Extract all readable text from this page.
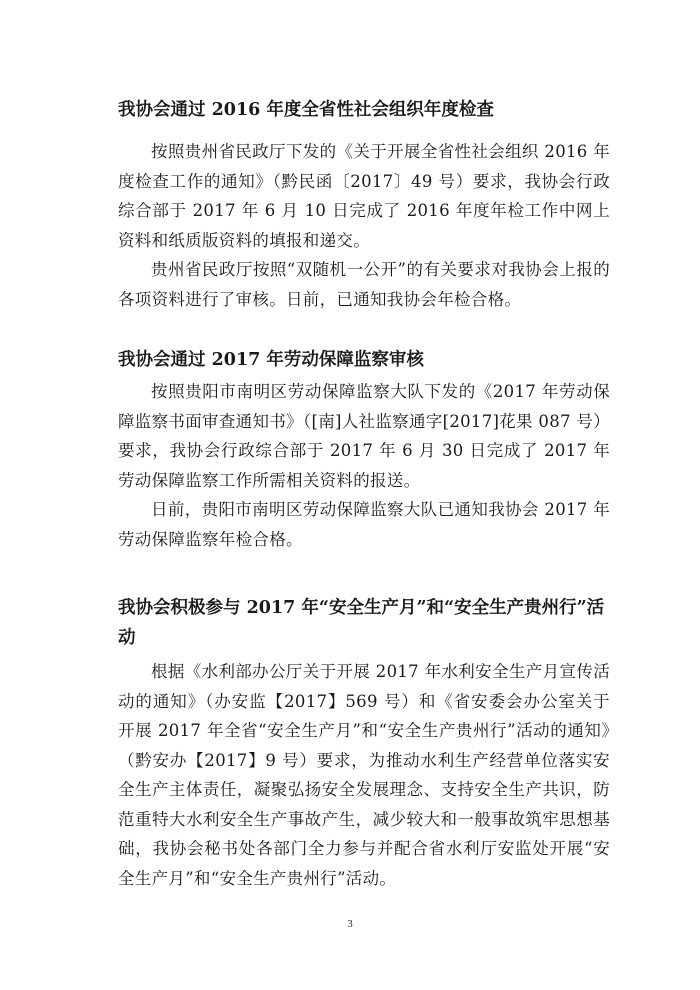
我协会通过 2016 年度全省性社会组织年度检查

按照贵州省民政厅下发的《关于开展全省性社会组织 2016 年度检查工作的通知》（黔民函〔2017〕49 号）要求，我协会行政综合部于 2017 年 6 月 10 日完成了 2016 年度年检工作中网上资料和纸质版资料的填报和递交。

贵州省民政厅按照“双随机一公开”的有关要求对我协会上报的各项资料进行了审核。日前，已通知我协会年检合格。

我协会通过 2017 年劳动保障监察审核

按照贵阳市南明区劳动保障监察大队下发的《2017 年劳动保障监察书面审查通知书》（[南]人社监察通字[2017]花果 087 号）要求，我协会行政综合部于 2017 年 6 月 30 日完成了 2017 年劳动保障监察工作所需相关资料的报送。

日前，贵阳市南明区劳动保障监察大队已通知我协会 2017 年劳动保障监察年检合格。

我协会积极参与 2017 年“安全生产月”和“安全生产贵州行”活动

根据《水利部办公厅关于开展 2017 年水利安全生产月宣传活动的通知》（办安监【2017】569 号）和《省安委会办公室关于开展 2017 年全省“安全生产月”和“安全生产贵州行”活动的通知》（黔安办【2017】9 号）要求，为推动水利生产经营单位落实安全生产主体责任，凝聚弘扬安全发展理念、支持安全生产共识，防范重特大水利安全生产事故产生，减少较大和一般事故筑牢思想基础，我协会秘书处各部门全力参与并配合省水利厅安监处开展“安全生产月”和“安全生产贵州行”活动。

3
